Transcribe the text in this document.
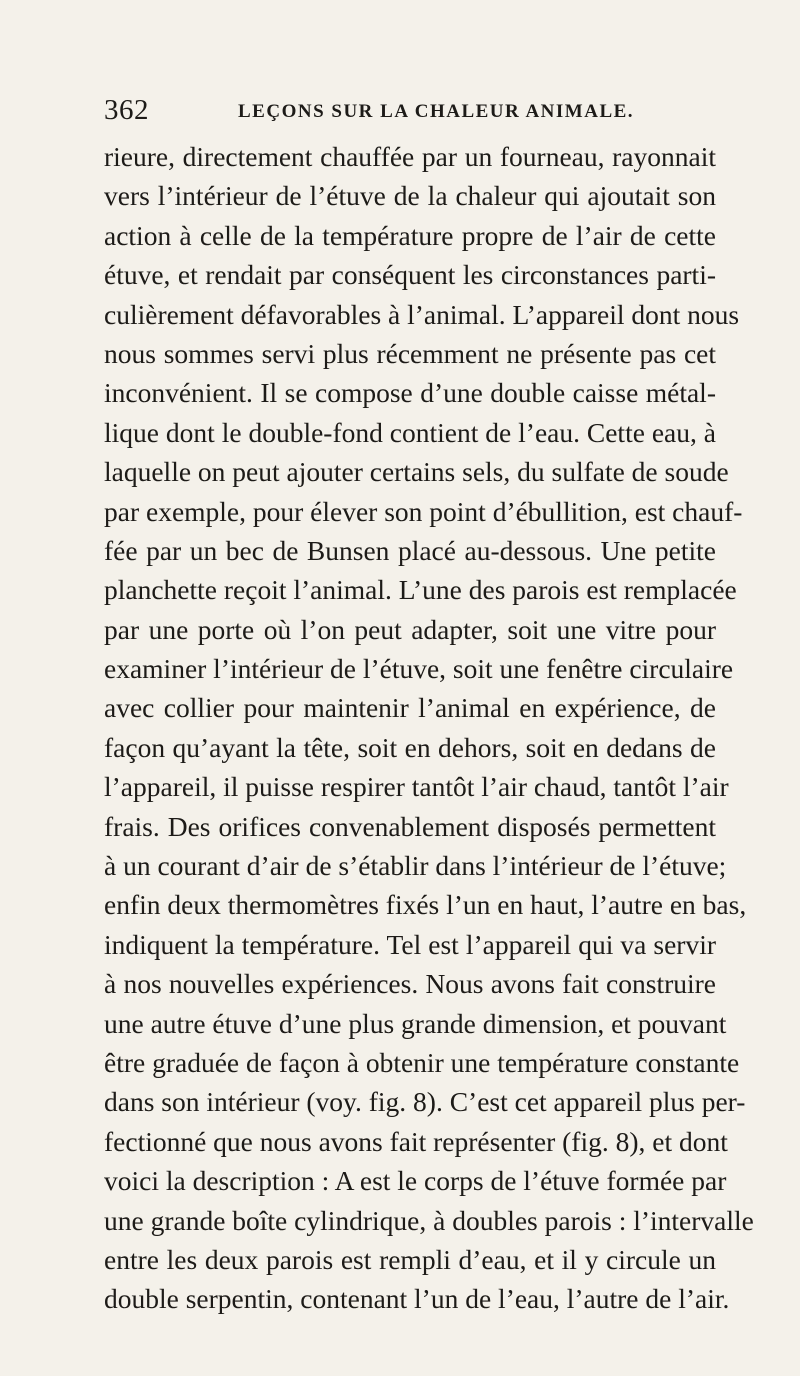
362	LEÇONS SUR LA CHALEUR ANIMALE.
rieure, directement chauffée par un fourneau, rayonnait
vers l’intérieur de l’étuve de la chaleur qui ajoutait son
action à celle de la température propre de l’air de cette
étuve, et rendait par conséquent les circonstances parti-
culièrement défavorables à l’animal. L’appareil dont nous
nous sommes servi plus récemment ne présente pas cet
inconvénient. Il se compose d’une double caisse métal-
lique dont le double-fond contient de l’eau. Cette eau, à
laquelle on peut ajouter certains sels, du sulfate de soude
par exemple, pour élever son point d’ébullition, est chauf-
fée par un bec de Bunsen placé au-dessous. Une petite
planchette reçoit l’animal. L’une des parois est remplacée
par une porte où l’on peut adapter, soit une vitre pour
examiner l’intérieur de l’étuve, soit une fenêtre circulaire
avec collier pour maintenir l’animal en expérience, de
façon qu’ayant la tête, soit en dehors, soit en dedans de
l’appareil, il puisse respirer tantôt l’air chaud, tantôt l’air
frais. Des orifices convenablement disposés permettent
à un courant d’air de s’établir dans l’intérieur de l’étuve;
enfin deux thermomètres fixés l’un en haut, l’autre en bas,
indiquent la température. Tel est l’appareil qui va servir
à nos nouvelles expériences. Nous avons fait construire
une autre étuve d’une plus grande dimension, et pouvant
être graduée de façon à obtenir une température constante
dans son intérieur (voy. fig. 8). C’est cet appareil plus per-
fectionné que nous avons fait représenter (fig. 8), et dont
voici la description : A est le corps de l’étuve formée par
une grande boîte cylindrique, à doubles parois : l’intervalle
entre les deux parois est rempli d’eau, et il y circule un
double serpentin, contenant l’un de l’eau, l’autre de l’air.
